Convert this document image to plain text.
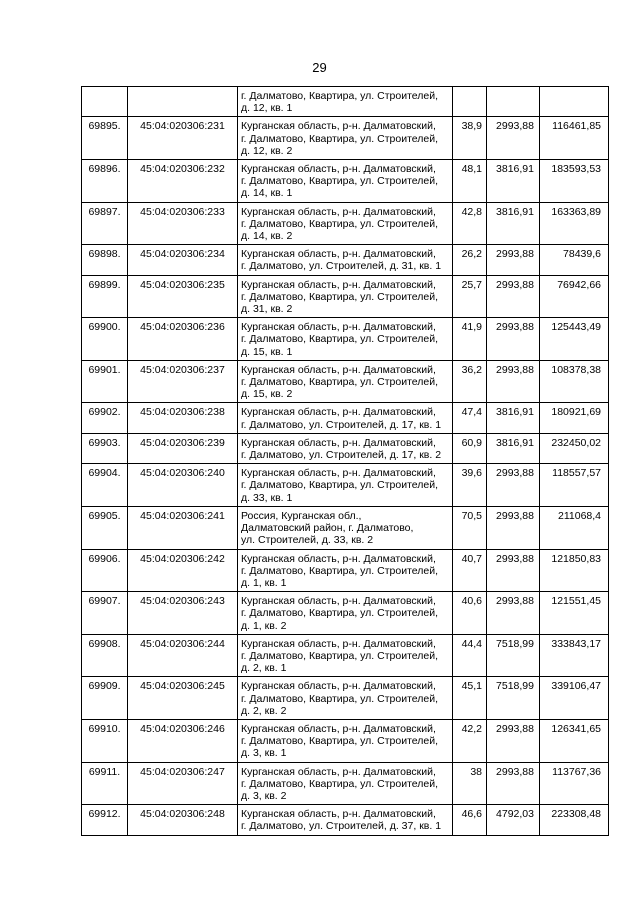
29

		г. Далматово, Квартира, ул. Строителей,
д. 12, кв. 1			

69895.	45:04:020306:231	Курганская область, р-н. Далматовский,
г. Далматово, Квартира, ул. Строителей,
д. 12, кв. 2	38,9	2993,88	116461,85
69896.	45:04:020306:232	Курганская область, р-н. Далматовский,
г. Далматово, Квартира, ул. Строителей,
д. 14, кв. 1	48,1	3816,91	183593,53
69897.	45:04:020306:233	Курганская область, р-н. Далматовский,
г. Далматово, Квартира, ул. Строителей,
д. 14, кв. 2	42,8	3816,91	163363,89
69898.	45:04:020306:234	Курганская область, р-н. Далматовский,
г. Далматово, ул. Строителей, д. 31, кв. 1	26,2	2993,88	78439,6
69899.	45:04:020306:235	Курганская область, р-н. Далматовский,
г. Далматово, Квартира, ул. Строителей,
д. 31, кв. 2	25,7	2993,88	76942,66
69900.	45:04:020306:236	Курганская область, р-н. Далматовский,
г. Далматово, Квартира, ул. Строителей,
д. 15, кв. 1	41,9	2993,88	125443,49
69901.	45:04:020306:237	Курганская область, р-н. Далматовский,
г. Далматово, Квартира, ул. Строителей,
д. 15, кв. 2	36,2	2993,88	108378,38
69902.	45:04:020306:238	Курганская область, р-н. Далматовский,
г. Далматово, ул. Строителей, д. 17, кв. 1	47,4	3816,91	180921,69
69903.	45:04:020306:239	Курганская область, р-н. Далматовский,
г. Далматово, ул. Строителей, д. 17, кв. 2	60,9	3816,91	232450,02
69904.	45:04:020306:240	Курганская область, р-н. Далматовский,
г. Далматово, Квартира, ул. Строителей,
д. 33, кв. 1	39,6	2993,88	118557,57
69905.	45:04:020306:241	Россия, Курганская обл.,
Далматовский район, г. Далматово,
ул. Строителей, д. 33, кв. 2	70,5	2993,88	211068,4
69906.	45:04:020306:242	Курганская область, р-н. Далматовский,
г. Далматово, Квартира, ул. Строителей,
д. 1, кв. 1	40,7	2993,88	121850,83
69907.	45:04:020306:243	Курганская область, р-н. Далматовский,
г. Далматово, Квартира, ул. Строителей,
д. 1, кв. 2	40,6	2993,88	121551,45
69908.	45:04:020306:244	Курганская область, р-н. Далматовский,
г. Далматово, Квартира, ул. Строителей,
д. 2, кв. 1	44,4	7518,99	333843,17
69909.	45:04:020306:245	Курганская область, р-н. Далматовский,
г. Далматово, Квартира, ул. Строителей,
д. 2, кв. 2	45,1	7518,99	339106,47
69910.	45:04:020306:246	Курганская область, р-н. Далматовский,
г. Далматово, Квартира, ул. Строителей,
д. 3, кв. 1	42,2	2993,88	126341,65
69911.	45:04:020306:247	Курганская область, р-н. Далматовский,
г. Далматово, Квартира, ул. Строителей,
д. 3, кв. 2	38	2993,88	113767,36
69912.	45:04:020306:248	Курганская область, р-н. Далматовский,
г. Далматово, ул. Строителей, д. 37, кв. 1	46,6	4792,03	223308,48
